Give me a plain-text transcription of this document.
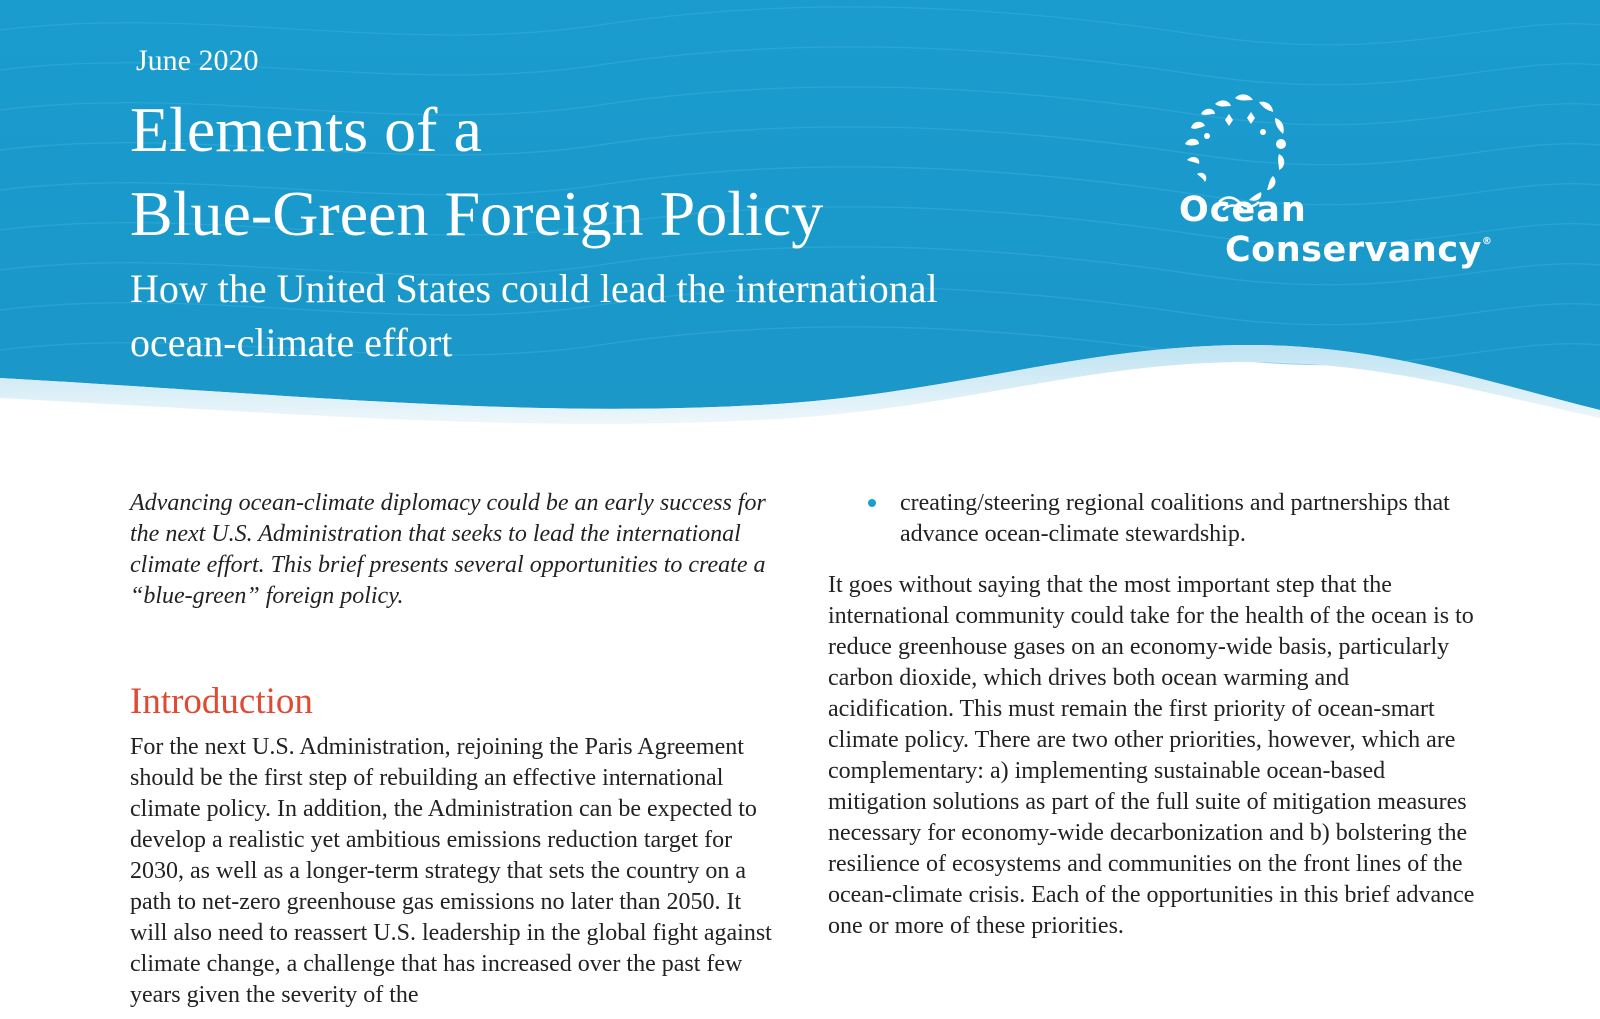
June 2020
Elements of a
Blue-Green Foreign Policy
How the United States could lead the international
ocean-climate effort
Ocean
Conservancy®

Advancing ocean-climate diplomacy could be an early success for the next U.S. Administration that seeks to lead the international climate effort. This brief presents several opportunities to create a “blue-green” foreign policy.

Introduction

For the next U.S. Administration, rejoining the Paris Agreement should be the first step of rebuilding an effective international climate policy. In addition, the Administration can be expected to develop a realistic yet ambitious emissions reduction target for 2030, as well as a longer-term strategy that sets the country on a path to net-zero greenhouse gas emissions no later than 2050. It will also need to reassert U.S. leadership in the global fight against climate change, a challenge that has increased over the past few years given the severity of the

creating/steering regional coalitions and partnerships that advance ocean-climate stewardship.

It goes without saying that the most important step that the international community could take for the health of the ocean is to reduce greenhouse gases on an economy-wide basis, particularly carbon dioxide, which drives both ocean warming and acidification. This must remain the first priority of ocean-smart climate policy. There are two other priorities, however, which are complementary: a) implementing sustainable ocean-based mitigation solutions as part of the full suite of mitigation measures necessary for economy-wide decarbonization and b) bolstering the resilience of ecosystems and communities on the front lines of the ocean-climate crisis. Each of the opportunities in this brief advance one or more of these priorities.
